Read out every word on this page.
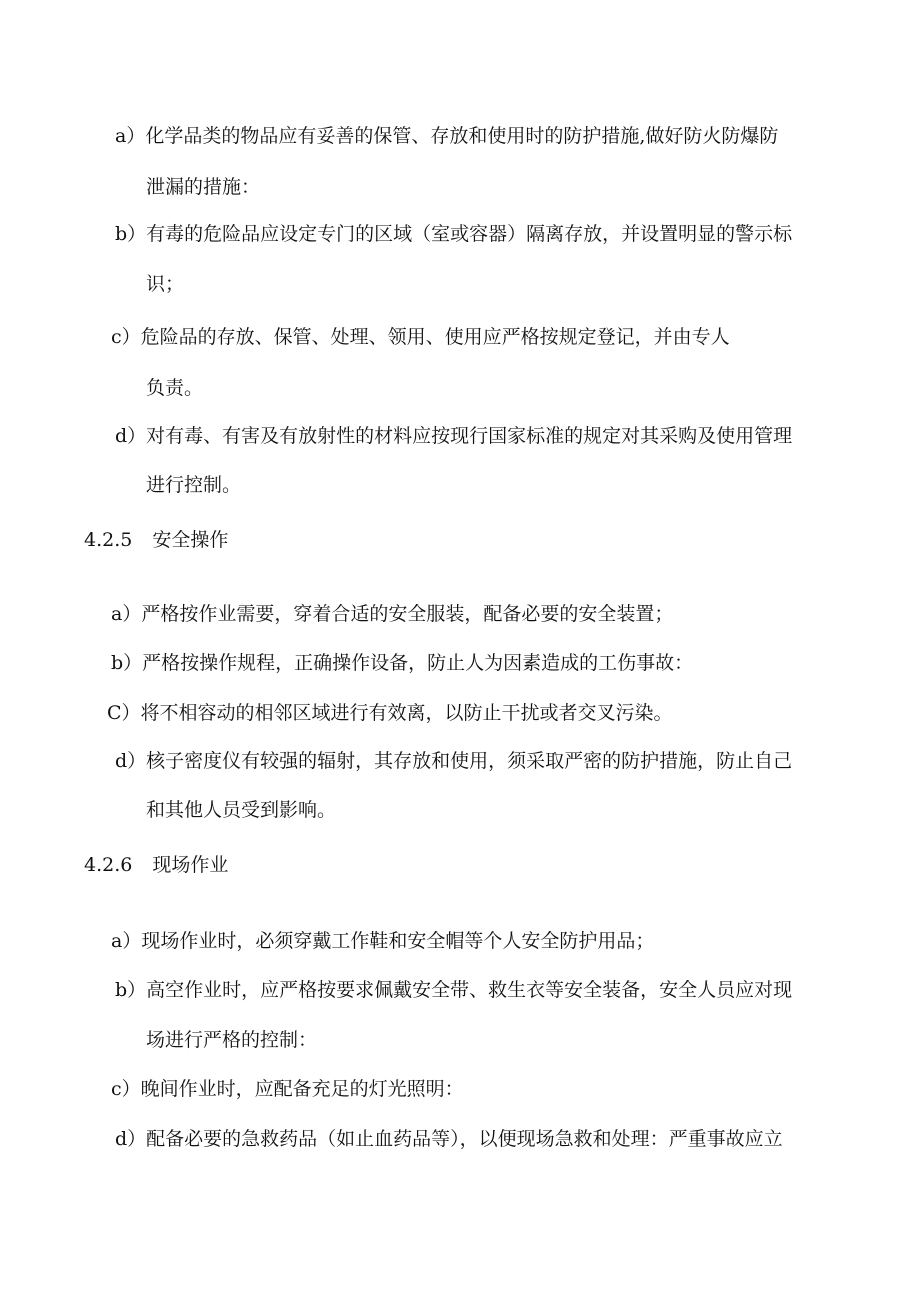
a）化学品类的物品应有妥善的保管、存放和使用时的防护措施,做好防火防爆防
泄漏的措施：
b）有毒的危险品应设定专门的区域（室或容器）隔离存放，并设置明显的警示标
识；
c）危险品的存放、保管、处理、领用、使用应严格按规定登记，并由专人
负责。
d）对有毒、有害及有放射性的材料应按现行国家标准的规定对其采购及使用管理
进行控制。
4.2.5 安全操作
a）严格按作业需要，穿着合适的安全服装，配备必要的安全装置；
b）严格按操作规程，正确操作设备，防止人为因素造成的工伤事故：
C）将不相容动的相邻区域进行有效离，以防止干扰或者交叉污染。
d）核子密度仪有较强的辐射，其存放和使用，须采取严密的防护措施，防止自己
和其他人员受到影响。
4.2.6 现场作业
a）现场作业时，必须穿戴工作鞋和安全帽等个人安全防护用品；
b）高空作业时，应严格按要求佩戴安全带、救生衣等安全装备，安全人员应对现
场进行严格的控制：
c）晚间作业时，应配备充足的灯光照明：
d）配备必要的急救药品（如止血药品等），以便现场急救和处理：严重事故应立
